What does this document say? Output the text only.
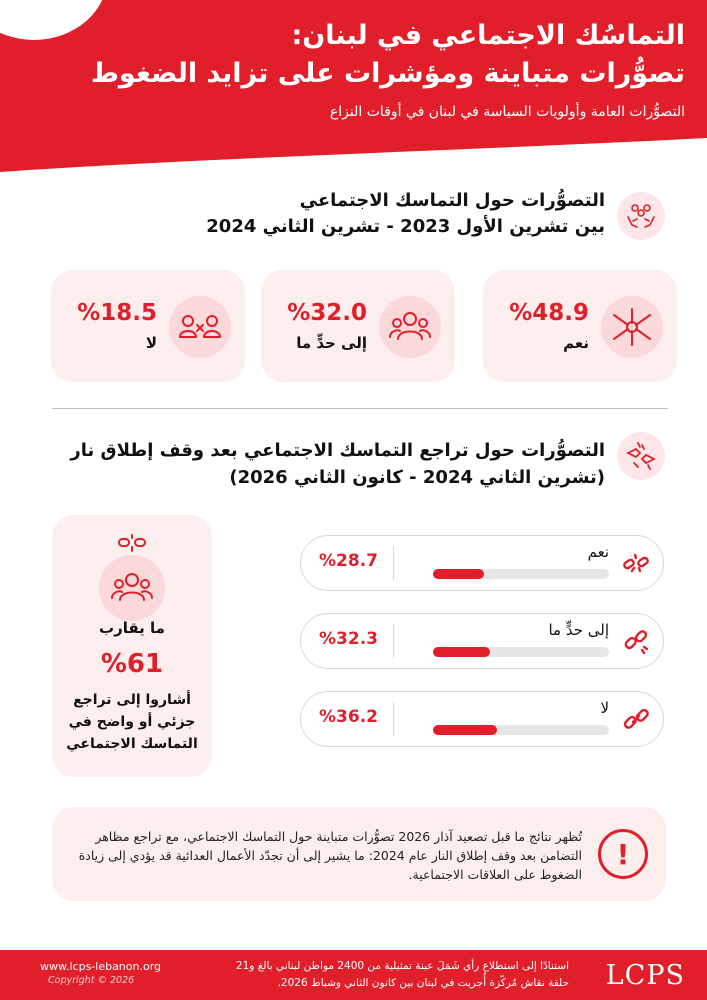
التماسُك الاجتماعي في لبنان:
تصوُّرات متباينة ومؤشرات على تزايد الضغوط
التصوُّرات العامة وأولويات السياسة في لبنان في أوقات النزاع
التصوُّرات حول التماسك الاجتماعي
بين تشرين الأول 2023 - تشرين الثاني 2024
%48.9
نعم
%32.0
إلى حدٍّ ما
%18.5
لا
التصوُّرات حول تراجع التماسك الاجتماعي بعد وقف إطلاق نار
(تشرين الثاني 2024 - كانون الثاني 2026)
نعم
%28.7
إلى حدٍّ ما
%32.3
لا
%36.2
ما يقارب
%61
أشاروا إلى تراجع
جزئي أو واضح في
التماسك الاجتماعي
!
تُظهر نتائج ما قبل تصعيد آذار 2026 تصوُّرات متباينة حول التماسك الاجتماعي، مع تراجع مظاهر التضامن بعد وقف إطلاق النار عام 2024: ما يشير إلى أن تجدّد الأعمال العدائية قد يؤدي إلى زيادة الضغوط على العلاقات الاجتماعية.
LCPS
استنادًا إلى استطلاع رأي شَمَلَ عينة تمثيلية من 2400 مواطن لبناني بالغ و21
حلقة نقاش مُركّزة أُجريت في لبنان بين كانون الثاني وشباط 2026.
www.lcps-lebanon.org
Copyright © 2026
